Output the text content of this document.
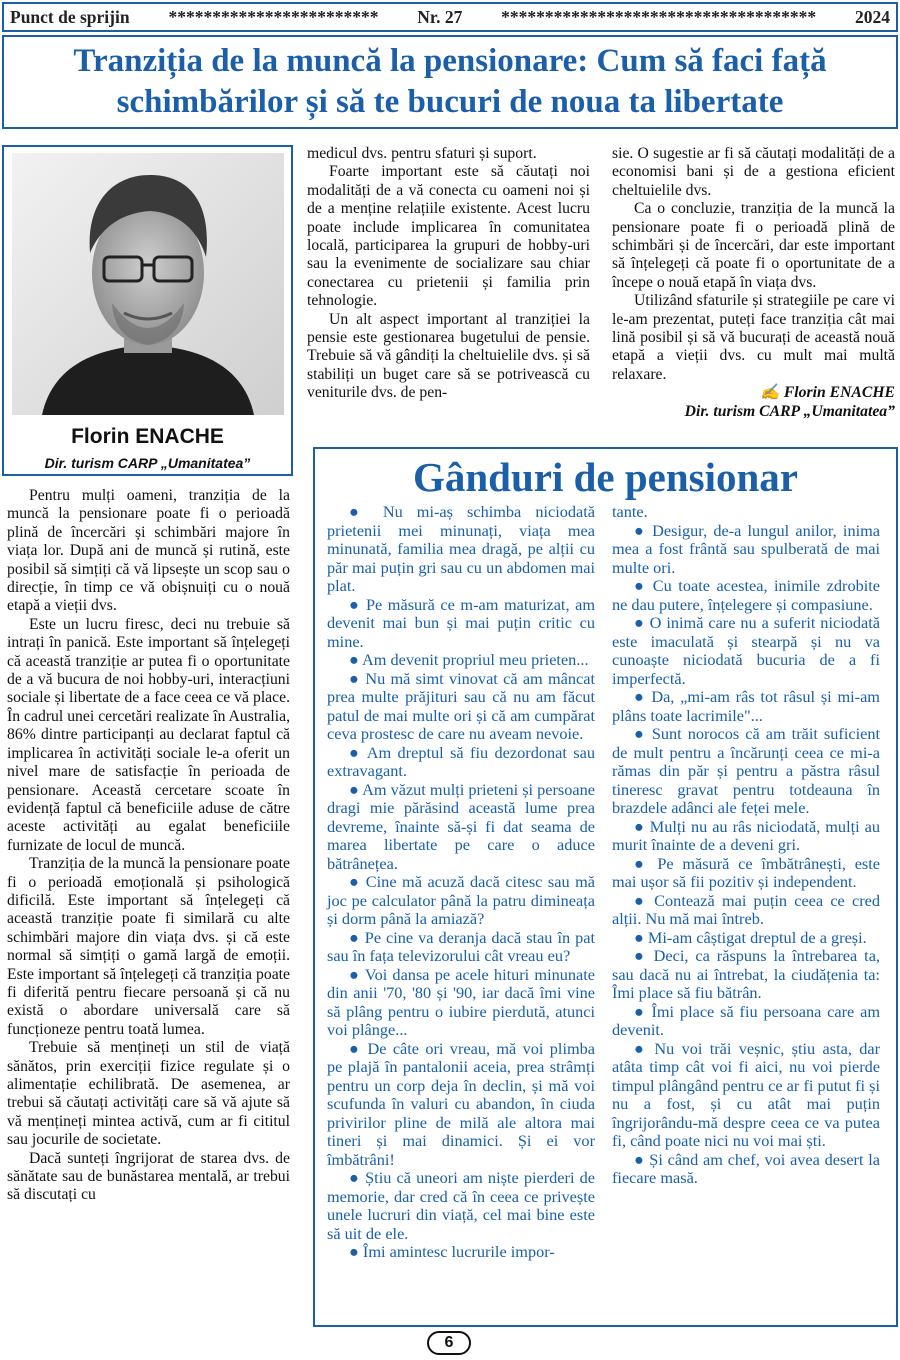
Punct de sprijin ************************ Nr. 27 ************************************ 2024
Tranziția de la muncă la pensionare: Cum să faci față schimbărilor și să te bucuri de noua ta libertate
Florin ENACHE
Dir. turism CARP „Umanitatea”

Pentru mulți oameni, tranziția de la muncă la pensionare poate fi o perioadă plină de încercări și schimbări majore în viața lor. După ani de muncă și rutină, este posibil să simțiți că vă lipsește un scop sau o direcție, în timp ce vă obișnuiți cu o nouă etapă a vieții dvs.

Este un lucru firesc, deci nu trebuie să intrați în panică. Este important să înțelegeți că această tranziție ar putea fi o oportunitate de a vă bucura de noi hobby-uri, interacțiuni sociale și libertate de a face ceea ce vă place. În cadrul unei cercetări realizate în Australia, 86% dintre participanți au declarat faptul că implicarea în activități sociale le-a oferit un nivel mare de satisfacție în perioada de pensionare. Această cercetare scoate în evidență faptul că beneficiile aduse de către aceste activități au egalat beneficiile furnizate de locul de muncă.

Tranziția de la muncă la pensionare poate fi o perioadă emoțională și psihologică dificilă. Este important să înțelegeți că această tranziție poate fi similară cu alte schimbări majore din viața dvs. și că este normal să simțiți o gamă largă de emoții. Este important să înțelegeți că tranziția poate fi diferită pentru fiecare persoană și că nu există o abordare universală care să funcționeze pentru toată lumea.

Trebuie să mențineți un stil de viață sănătos, prin exerciții fizice regulate și o alimentație echilibrată. De asemenea, ar trebui să căutați activități care să vă ajute să vă mențineți mintea activă, cum ar fi cititul sau jocurile de societate.

Dacă sunteți îngrijorat de starea dvs. de sănătate sau de bunăstarea mentală, ar trebui să discutați cu

medicul dvs. pentru sfaturi și suport.

Foarte important este să căutați noi modalități de a vă conecta cu oameni noi și de a menține relațiile existente. Acest lucru poate include implicarea în comunitatea locală, participarea la grupuri de hobby-uri sau la evenimente de socializare sau chiar conectarea cu prietenii și familia prin tehnologie.

Un alt aspect important al tranziției la pensie este gestionarea bugetului de pensie. Trebuie să vă gândiți la cheltuielile dvs. și să stabiliți un buget care să se potrivească cu veniturile dvs. de pen-

sie. O sugestie ar fi să căutați modalități de a economisi bani și de a gestiona eficient cheltuielile dvs.

Ca o concluzie, tranziția de la muncă la pensionare poate fi o perioadă plină de schimbări și de încercări, dar este important să înțelegeți că poate fi o oportunitate de a începe o nouă etapă în viața dvs.

Utilizând sfaturile și strategiile pe care vi le-am prezentat, puteți face tranziția cât mai lină posibil și să vă bucurați de această nouă etapă a vieții dvs. cu mult mai multă relaxare.

✍ Florin ENACHE
Dir. turism CARP „Umanitatea”
Gânduri de pensionar

● Nu mi-aș schimba niciodată prietenii mei minunați, viața mea minunată, familia mea dragă, pe alții cu păr mai puțin gri sau cu un abdomen mai plat.

● Pe măsură ce m-am maturizat, am devenit mai bun și mai puțin critic cu mine.

● Am devenit propriul meu prieten...

● Nu mă simt vinovat că am mâncat prea multe prăjituri sau că nu am făcut patul de mai multe ori și că am cumpărat ceva prostesc de care nu aveam nevoie.

● Am dreptul să fiu dezordonat sau extravagant.

● Am văzut mulți prieteni și persoane dragi mie părăsind această lume prea devreme, înainte să-și fi dat seama de marea libertate pe care o aduce bătrânețea.

● Cine mă acuză dacă citesc sau mă joc pe calculator până la patru dimineața și dorm până la amiază?

● Pe cine va deranja dacă stau în pat sau în fața televizorului cât vreau eu?

● Voi dansa pe acele hituri minunate din anii '70, '80 și '90, iar dacă îmi vine să plâng pentru o iubire pierdută, atunci voi plânge...

● De câte ori vreau, mă voi plimba pe plajă în pantalonii aceia, prea strâmți pentru un corp deja în declin, și mă voi scufunda în valuri cu abandon, în ciuda privirilor pline de milă ale altora mai tineri și mai dinamici. Și ei vor îmbătrâni!

● Știu că uneori am niște pierderi de memorie, dar cred că în ceea ce privește unele lucruri din viață, cel mai bine este să uit de ele.

● Îmi amintesc lucrurile impor-

tante.

● Desigur, de-a lungul anilor, inima mea a fost frântă sau spulberată de mai multe ori.

● Cu toate acestea, inimile zdrobite ne dau putere, înțelegere și compasiune.

● O inimă care nu a suferit niciodată este imaculată și stearpă și nu va cunoaște niciodată bucuria de a fi imperfectă.

● Da, „mi-am râs tot râsul și mi-am plâns toate lacrimile"...

● Sunt norocos că am trăit suficient de mult pentru a încărunți ceea ce mi-a rămas din păr și pentru a păstra râsul tineresc gravat pentru totdeauna în brazdele adânci ale feței mele.

● Mulți nu au râs niciodată, mulți au murit înainte de a deveni gri.

● Pe măsură ce îmbătrânești, este mai ușor să fii pozitiv și independent.

● Contează mai puțin ceea ce cred alții. Nu mă mai întreb.

● Mi-am câștigat dreptul de a greși.

● Deci, ca răspuns la întrebarea ta, sau dacă nu ai întrebat, la ciudățenia ta: Îmi place să fiu bătrân.

● Îmi place să fiu persoana care am devenit.

● Nu voi trăi veșnic, știu asta, dar atâta timp cât voi fi aici, nu voi pierde timpul plângând pentru ce ar fi putut fi și nu a fost, și cu atât mai puțin îngrijorându-mă despre ceea ce va putea fi, când poate nici nu voi mai ști.

● Și când am chef, voi avea desert la fiecare masă.

6
